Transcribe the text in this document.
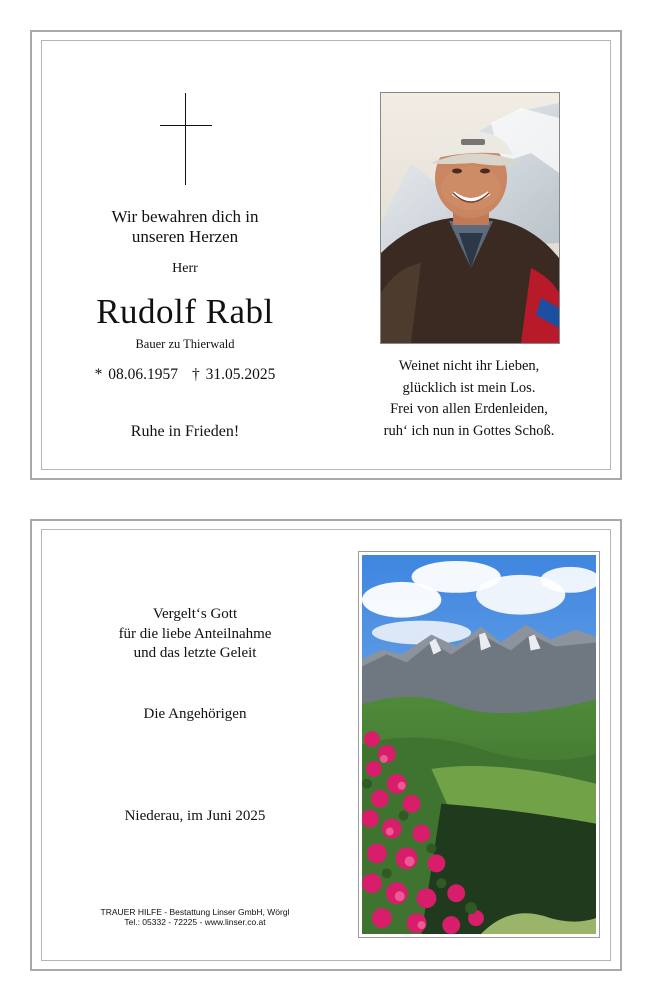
Wir bewahren dich in
unseren Herzen
Herr
Rudolf Rabl
Bauer zu Thierwald
* 08.06.1957 † 31.05.2025
Ruhe in Frieden!
Weinet nicht ihr Lieben,
glücklich ist mein Los.
Frei von allen Erdenleiden,
ruh‘ ich nun in Gottes Schoß.
Vergelt‘s Gott
für die liebe Anteilnahme
und das letzte Geleit
Die Angehörigen
Niederau, im Juni 2025
TRAUER HILFE - Bestattung Linser GmbH, Wörgl
Tel.: 05332 - 72225 - www.linser.co.at
